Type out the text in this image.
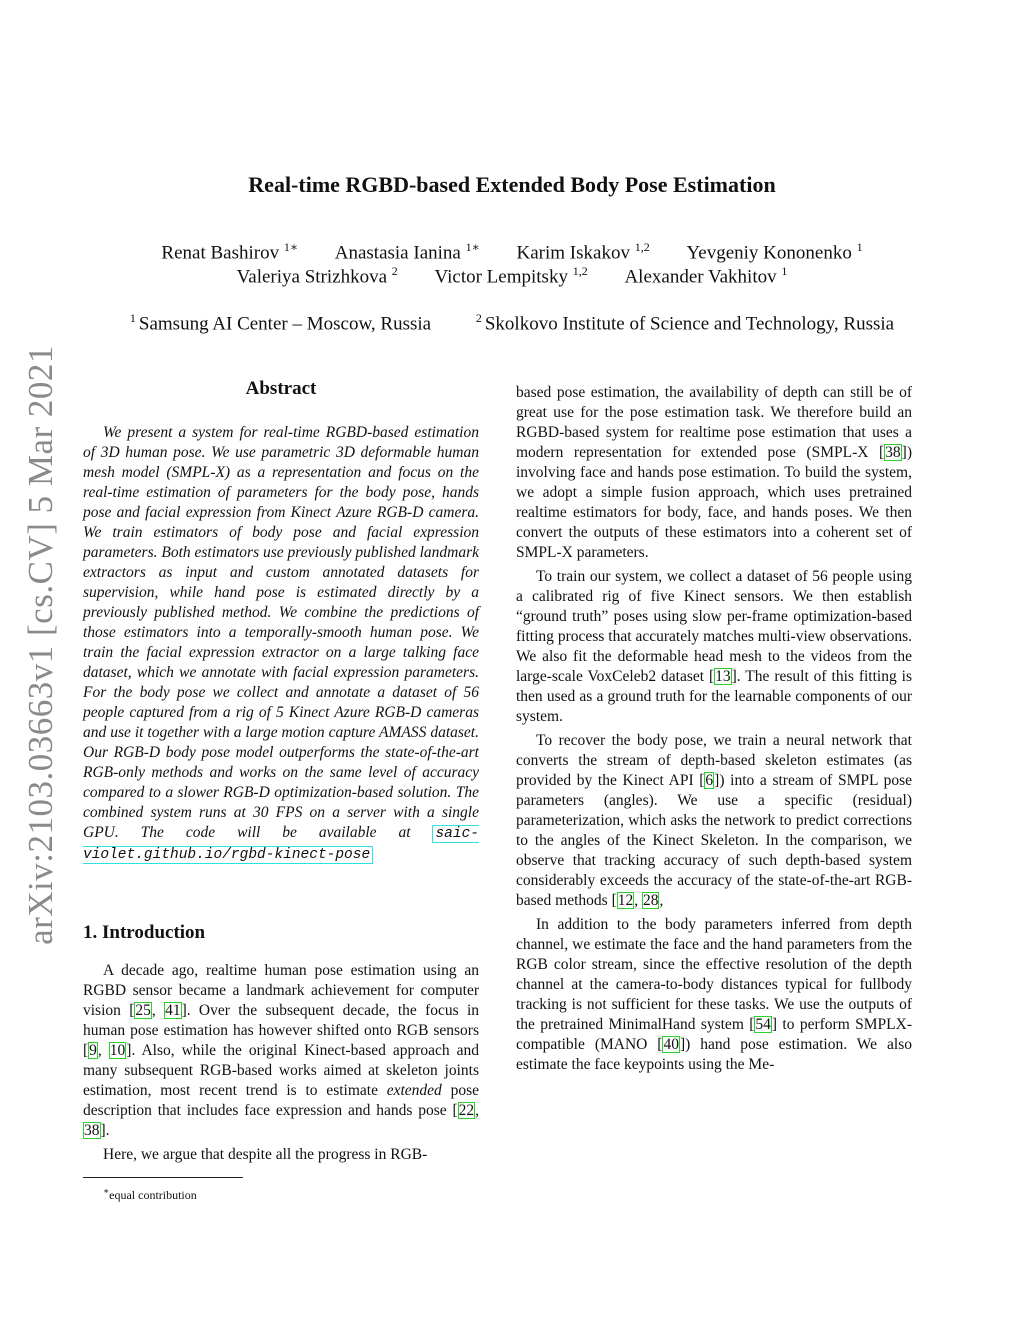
arXiv:2103.03663v1 [cs.CV] 5 Mar 2021
Real-time RGBD-based Extended Body Pose Estimation
Renat Bashirov $^{1∗}$ Anastasia Ianina $^{1∗}$ Karim Iskakov $^{1,2}$ Yevgeniy Kononenko $^1$
Valeriya Strizhkova $^2$ Victor Lempitsky $^{1,2}$ Alexander Vakhitov $^1$
$^1$ Samsung AI Center – Moscow, Russia	$^2$ Skolkovo Institute of Science and Technology, Russia
Abstract

We present a system for real-time RGBD-based estimation of 3D human pose. We use parametric 3D deformable human mesh model (SMPL-X) as a representation and focus on the real-time estimation of parameters for the body pose, hands pose and facial expression from Kinect Azure RGB-D camera. We train estimators of body pose and facial expression parameters. Both estimators use previously published landmark extractors as input and custom annotated datasets for supervision, while hand pose is estimated directly by a previously published method. We combine the predictions of those estimators into a temporally-smooth human pose. We train the facial expression extractor on a large talking face dataset, which we annotate with facial expression parameters. For the body pose we collect and annotate a dataset of 56 people captured from a rig of 5 Kinect Azure RGB-D cameras and use it together with a large motion capture AMASS dataset. Our RGB-D body pose model outperforms the state-of-the-art RGB-only methods and works on the same level of accuracy compared to a slower RGB-D optimization-based solution. The combined system runs at 30 FPS on a server with a single GPU. The code will be available at saic-violet.github.io/rgbd-kinect-pose

1. Introduction

A decade ago, realtime human pose estimation using an RGBD sensor became a landmark achievement for computer vision [25, 41]. Over the subsequent decade, the focus in human pose estimation has however shifted onto RGB sensors [9, 10]. Also, while the original Kinect-based approach and many subsequent RGB-based works aimed at skeleton joints estimation, most recent trend is to estimate extended pose description that includes face expression and hands pose [22, 38].

Here, we argue that despite all the progress in RGB-

∗equal contribution

based pose estimation, the availability of depth can still be of great use for the pose estimation task. We therefore build an RGBD-based system for realtime pose estimation that uses a modern representation for extended pose (SMPL-X [38]) involving face and hands pose estimation. To build the system, we adopt a simple fusion approach, which uses pretrained realtime estimators for body, face, and hands poses. We then convert the outputs of these estimators into a coherent set of SMPL-X parameters.

To train our system, we collect a dataset of 56 people using a calibrated rig of five Kinect sensors. We then establish “ground truth” poses using slow per-frame optimization-based fitting process that accurately matches multi-view observations. We also fit the deformable head mesh to the videos from the large-scale VoxCeleb2 dataset [13]. The result of this fitting is then used as a ground truth for the learnable components of our system.

To recover the body pose, we train a neural network that converts the stream of depth-based skeleton estimates (as provided by the Kinect API [6]) into a stream of SMPL pose parameters (angles). We use a specific (residual) parameterization, which asks the network to predict corrections to the angles of the Kinect Skeleton. In the comparison, we observe that tracking accuracy of such depth-based system considerably exceeds the accuracy of the state-of-the-art RGB-based methods [12, 28,

In addition to the body parameters inferred from depth channel, we estimate the face and the hand parameters from the RGB color stream, since the effective resolution of the depth channel at the camera-to-body distances typical for fullbody tracking is not sufficient for these tasks. We use the outputs of the pretrained MinimalHand system [54] to perform SMPLX-compatible (MANO [40]) hand pose estimation. We also estimate the face keypoints using the Me-
